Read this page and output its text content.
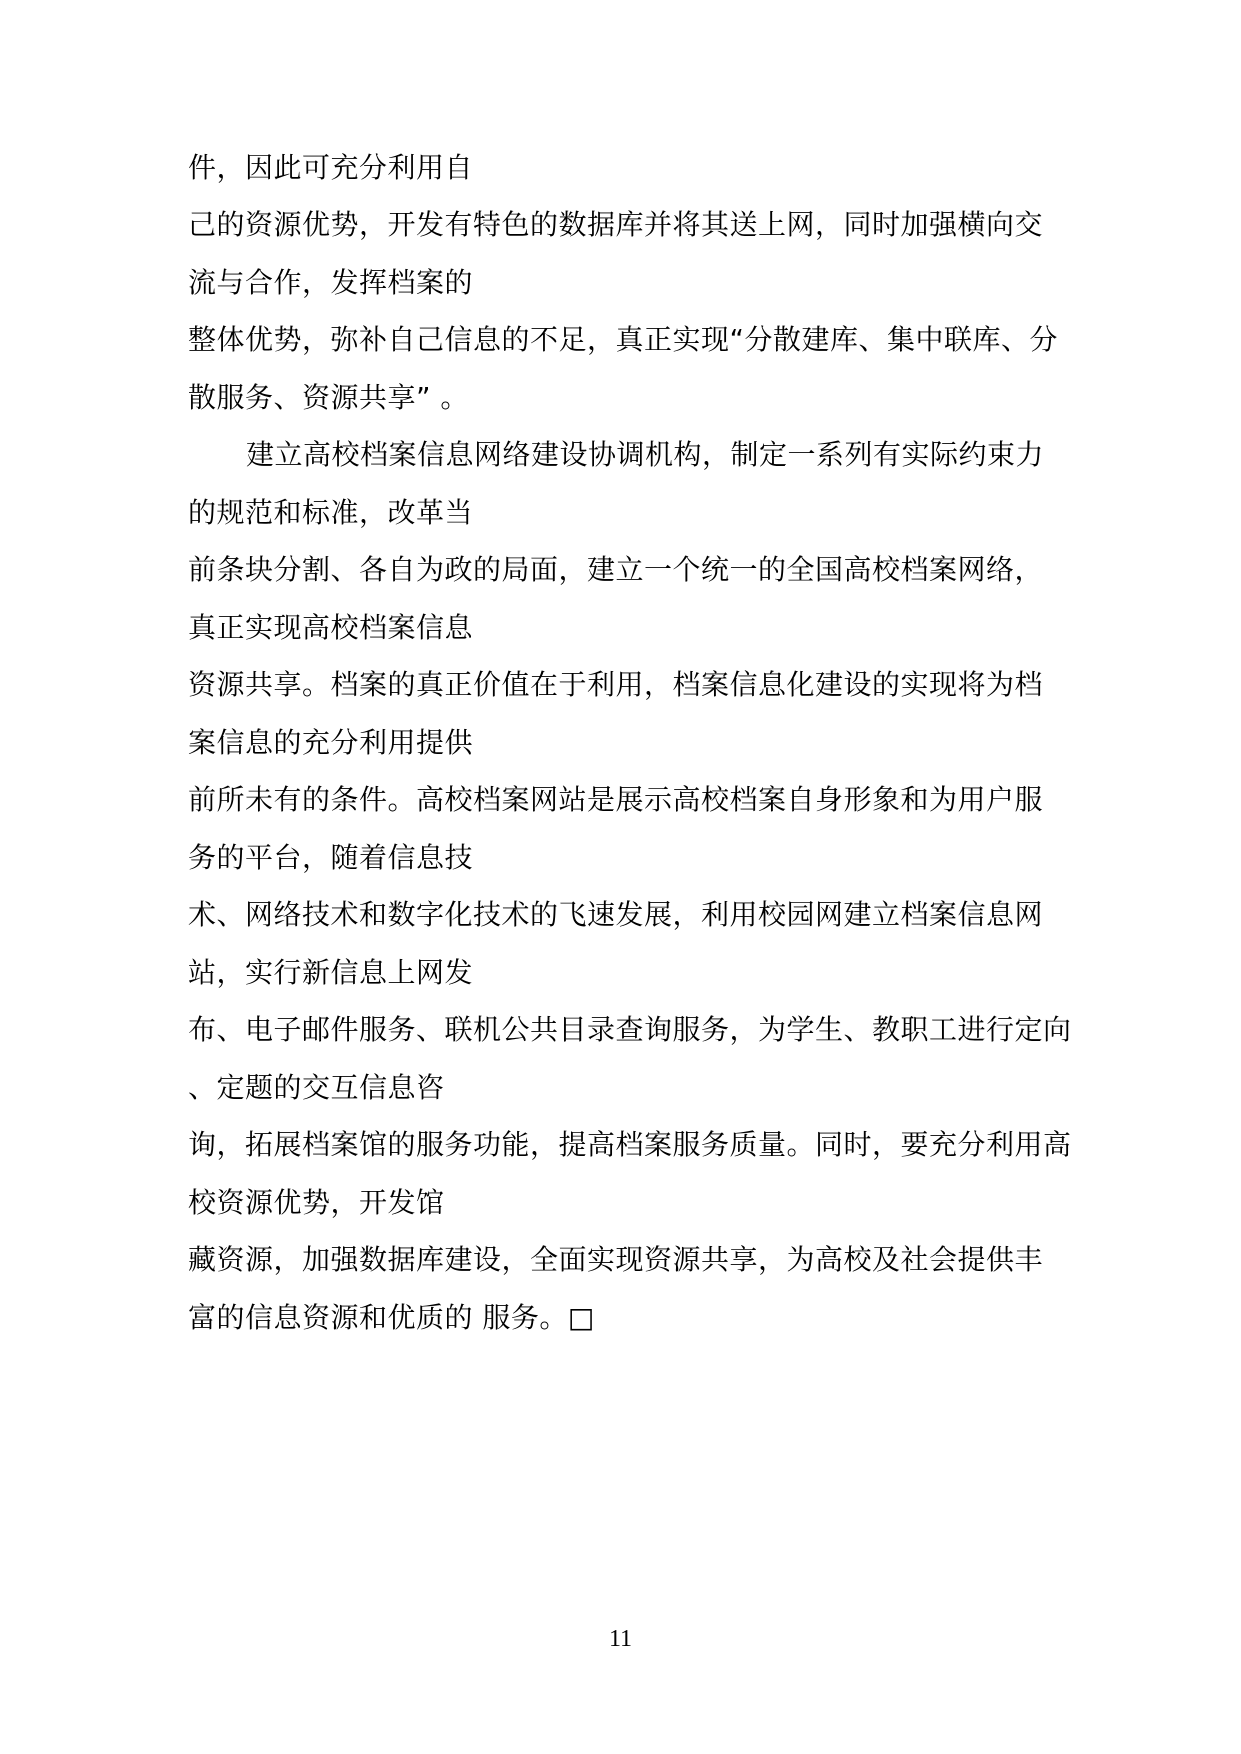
件，因此可充分利用自
己的资源优势，开发有特色的数据库并将其送上网，同时加强横向交
流与合作，发挥档案的
整体优势，弥补自己信息的不足，真正实现“分散建库、集中联库、分
散服务、资源共享” 。
建立高校档案信息网络建设协调机构，制定一系列有实际约束力
的规范和标准，改革当
前条块分割、各自为政的局面，建立一个统一的全国高校档案网络，
真正实现高校档案信息
资源共享。档案的真正价值在于利用，档案信息化建设的实现将为档
案信息的充分利用提供
前所未有的条件。高校档案网站是展示高校档案自身形象和为用户服
务的平台，随着信息技
术、网络技术和数字化技术的飞速发展，利用校园网建立档案信息网
站，实行新信息上网发
布、电子邮件服务、联机公共目录查询服务，为学生、教职工进行定向
、定题的交互信息咨
询，拓展档案馆的服务功能，提高档案服务质量。同时，要充分利用高
校资源优势，开发馆
藏资源，加强数据库建设，全面实现资源共享，为高校及社会提供丰
富的信息资源和优质的 服务。□
11
